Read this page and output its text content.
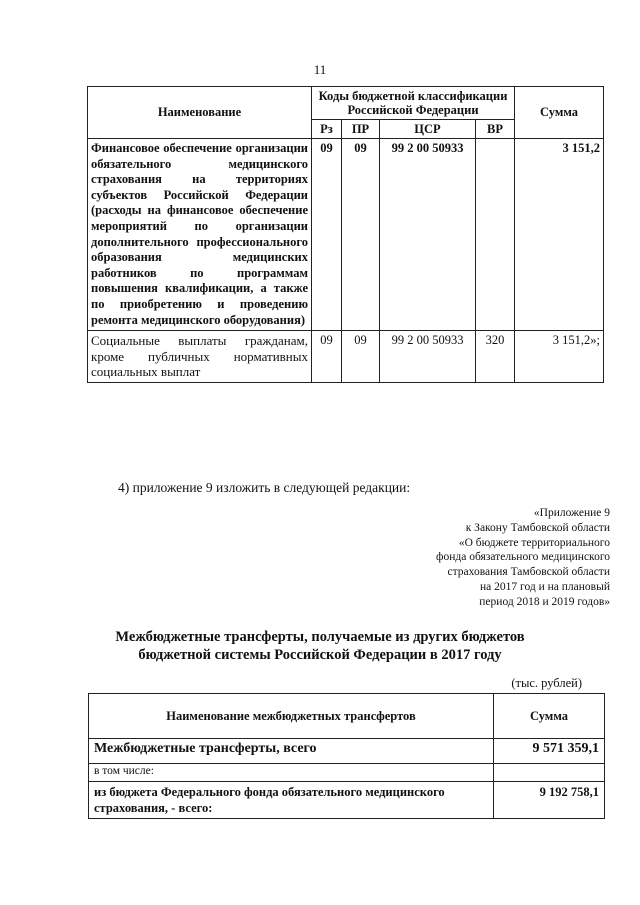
11
Наименование	Коды бюджетной классификации Российской Федерации				Сумма
	Рз	ПР	ЦСР	ВР	
Финансовое обеспечение организации обязательного медицинского страхования на территориях субъектов Российской Федерации (расходы на финансовое обеспечение мероприятий по организации дополнительного профессионального образования медицинских работников по программам повышения квалификации, а также по приобретению и проведению ремонта медицинского оборудования)	09	09	99 2 00 50933		3 151,2
Социальные выплаты гражданам, кроме публичных нормативных социальных выплат	09	09	99 2 00 50933	320	3 151,2»;
4) приложение 9 изложить в следующей редакции:
«Приложение 9
к Закону Тамбовской области
«О бюджете территориального
фонда обязательного медицинского
страхования Тамбовской области
на 2017 год и на плановый
период 2018 и 2019 годов»
Межбюджетные трансферты, получаемые из других бюджетов
бюджетной системы Российской Федерации в 2017 году
(тыс. рублей)
Наименование межбюджетных трансфертов	Сумма
Межбюджетные трансферты, всего	9 571 359,1
в том числе:	
из бюджета Федерального фонда обязательного медицинского страхования, - всего:	9 192 758,1
